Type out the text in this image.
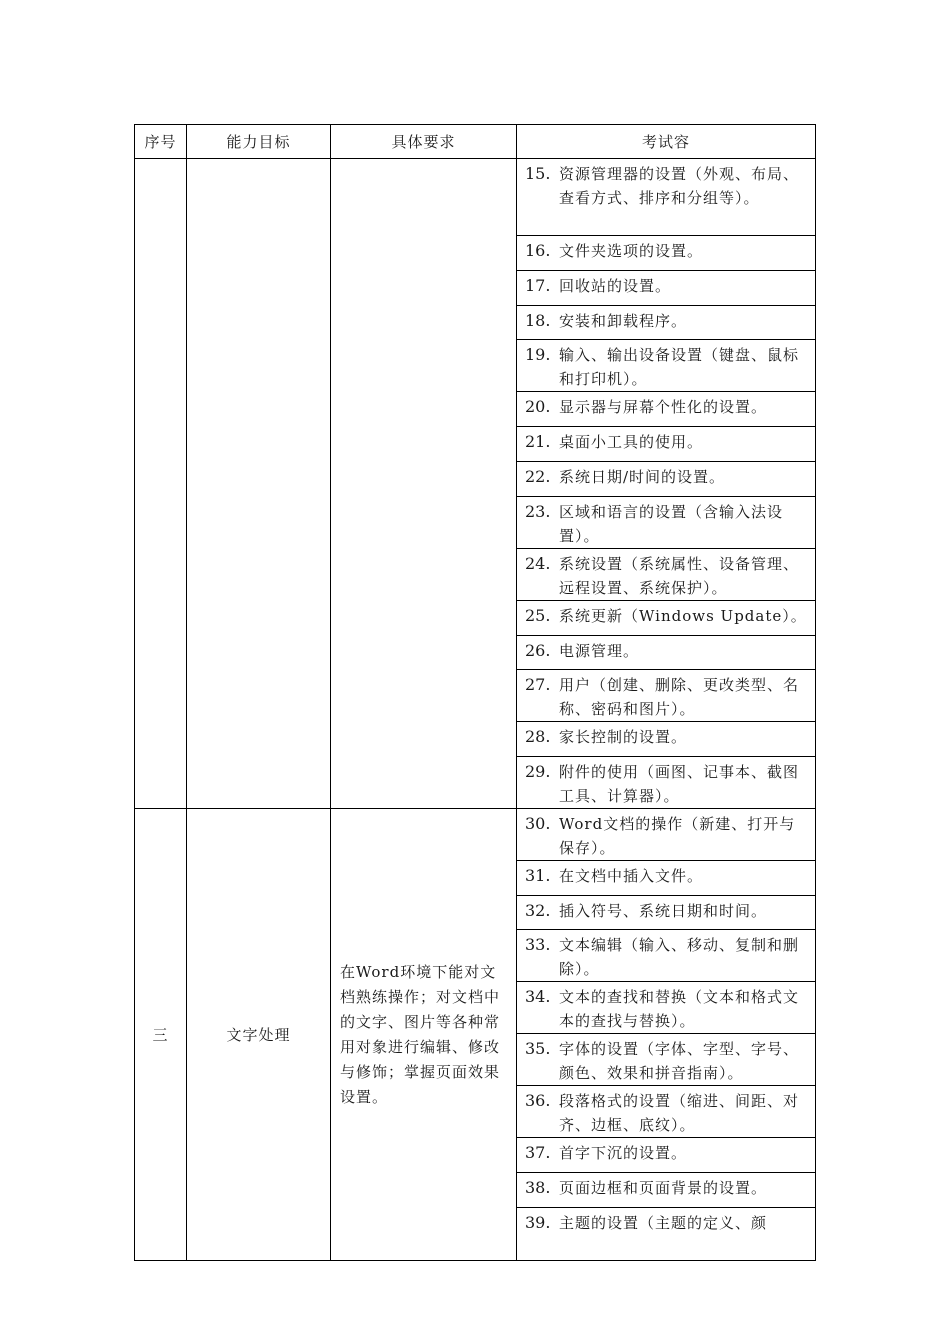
序号	能力目标	具体要求	考试容

			15. 资源管理器的设置（外观、布局、查看方式、排序和分组等）。

			16. 文件夹选项的设置。

			17. 回收站的设置。

			18. 安装和卸载程序。

			19. 输入、输出设备设置（键盘、鼠标和打印机）。

			20. 显示器与屏幕个性化的设置。

			21. 桌面小工具的使用。

			22. 系统日期/时间的设置。

			23. 区域和语言的设置（含输入法设置）。

			24. 系统设置（系统属性、设备管理、远程设置、系统保护）。

			25. 系统更新（Windows Update）。

			26. 电源管理。

			27. 用户（创建、删除、更改类型、名称、密码和图片）。

			28. 家长控制的设置。

			29. 附件的使用（画图、记事本、截图工具、计算器）。

三	文字处理	在Word环境下能对文档熟练操作；对文档中的文字、图片等各种常用对象进行编辑、修改与修饰；掌握页面效果设置。	30. Word文档的操作（新建、打开与保存）。

			31. 在文档中插入文件。

			32. 插入符号、系统日期和时间。

			33. 文本编辑（输入、移动、复制和删除）。

			34. 文本的查找和替换（文本和格式文本的查找与替换）。

			35. 字体的设置（字体、字型、字号、颜色、效果和拼音指南）。

			36. 段落格式的设置（缩进、间距、对齐、边框、底纹）。

			37. 首字下沉的设置。

			38. 页面边框和页面背景的设置。

			39. 主题的设置（主题的定义、颜
